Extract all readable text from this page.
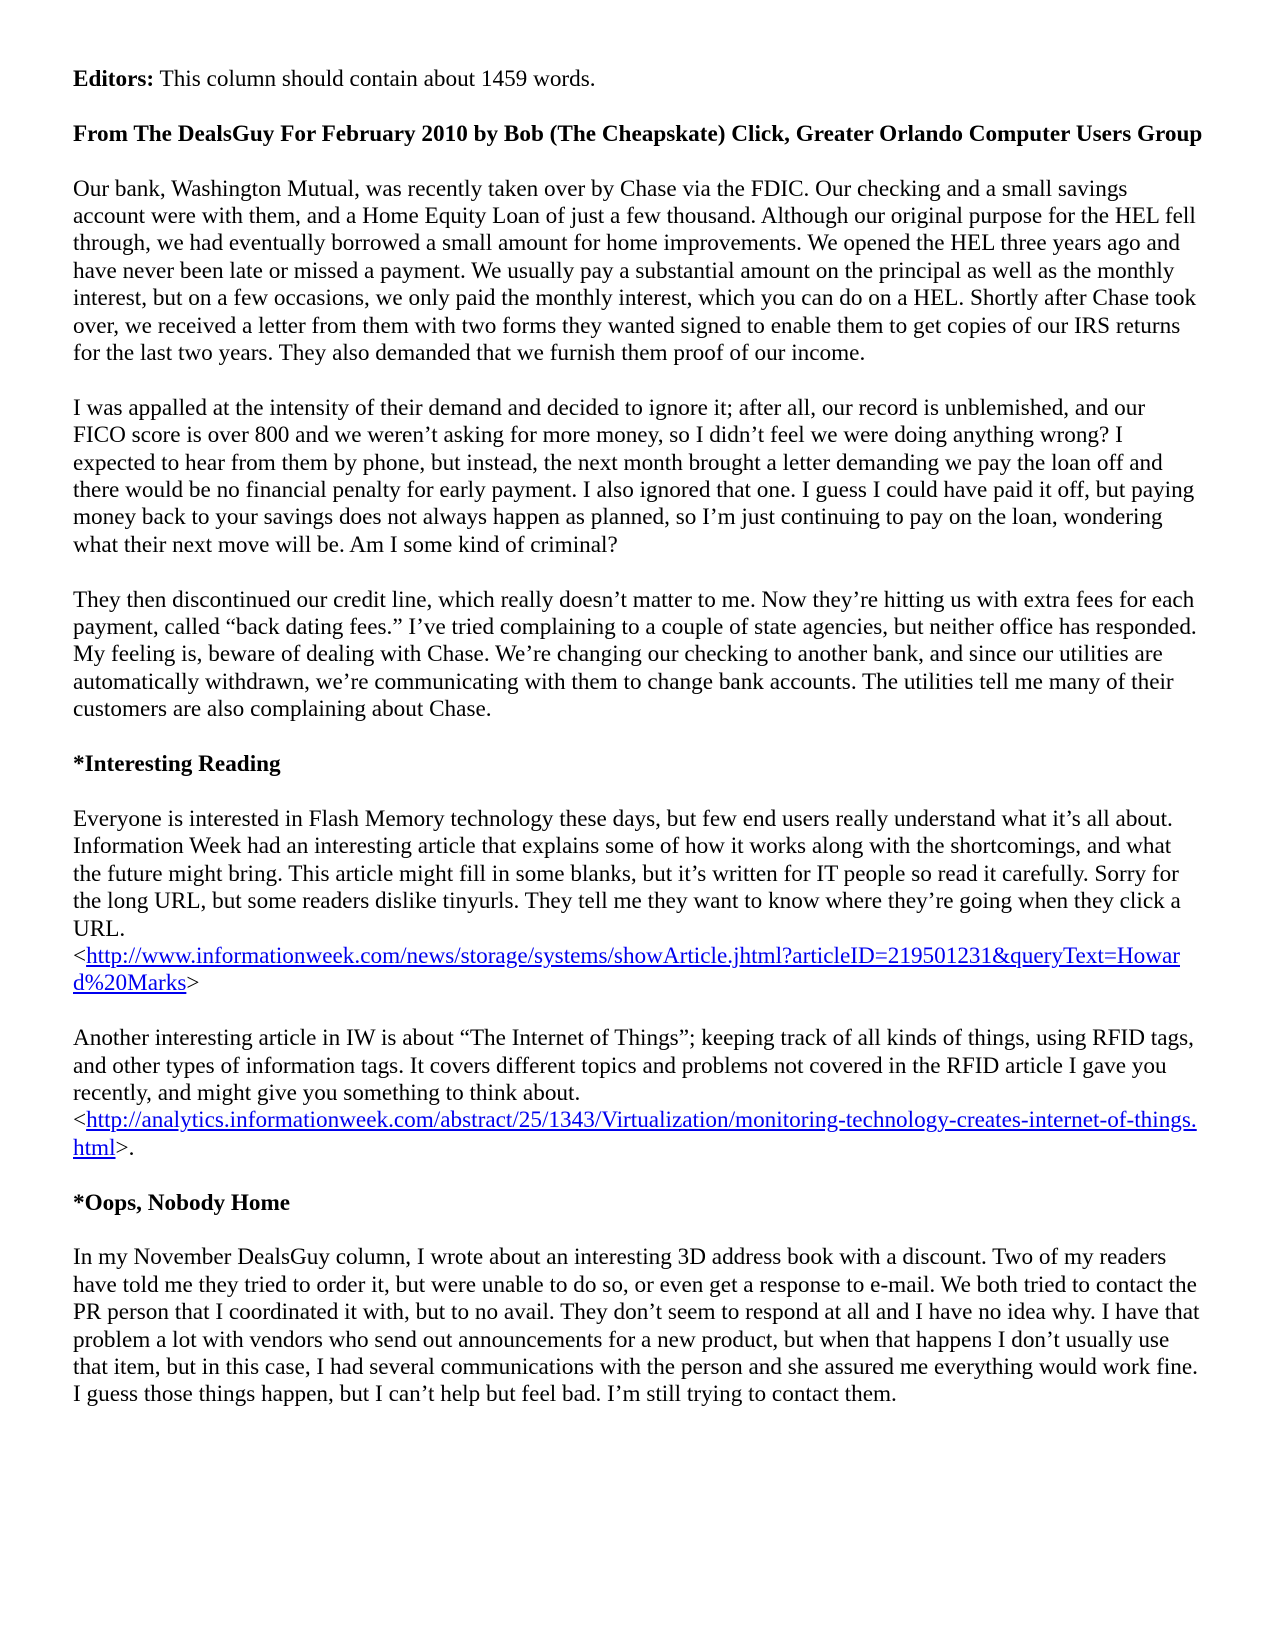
Editors: This column should contain about 1459 words.

From The DealsGuy For February 2010 by Bob (The Cheapskate) Click, Greater Orlando Computer Users Group

Our bank, Washington Mutual, was recently taken over by Chase via the FDIC. Our checking and a small savings account were with them, and a Home Equity Loan of just a few thousand. Although our original purpose for the HEL fell through, we had eventually borrowed a small amount for home improvements. We opened the HEL three years ago and have never been late or missed a payment. We usually pay a substantial amount on the principal as well as the monthly interest, but on a few occasions, we only paid the monthly interest, which you can do on a HEL. Shortly after Chase took over, we received a letter from them with two forms they wanted signed to enable them to get copies of our IRS returns for the last two years. They also demanded that we furnish them proof of our income.

I was appalled at the intensity of their demand and decided to ignore it; after all, our record is unblemished, and our FICO score is over 800 and we weren’t asking for more money, so I didn’t feel we were doing anything wrong? I expected to hear from them by phone, but instead, the next month brought a letter demanding we pay the loan off and there would be no financial penalty for early payment. I also ignored that one. I guess I could have paid it off, but paying money back to your savings does not always happen as planned, so I’m just continuing to pay on the loan, wondering what their next move will be. Am I some kind of criminal?

They then discontinued our credit line, which really doesn’t matter to me. Now they’re hitting us with extra fees for each payment, called “back dating fees.” I’ve tried complaining to a couple of state agencies, but neither office has responded. My feeling is, beware of dealing with Chase. We’re changing our checking to another bank, and since our utilities are automatically withdrawn, we’re communicating with them to change bank accounts. The utilities tell me many of their customers are also complaining about Chase.

*Interesting Reading

Everyone is interested in Flash Memory technology these days, but few end users really understand what it’s all about. Information Week had an interesting article that explains some of how it works along with the shortcomings, and what the future might bring. This article might fill in some blanks, but it’s written for IT people so read it carefully. Sorry for the long URL, but some readers dislike tinyurls. They tell me they want to know where they’re going when they click a URL.
<http://www.informationweek.com/news/storage/systems/showArticle.jhtml?articleID=219501231&queryText=Howard%20Marks>

Another interesting article in IW is about “The Internet of Things”; keeping track of all kinds of things, using RFID tags, and other types of information tags. It covers different topics and problems not covered in the RFID article I gave you recently, and might give you something to think about.
<http://analytics.informationweek.com/abstract/25/1343/Virtualization/monitoring-technology-creates-internet-of-things.html>.

*Oops, Nobody Home

In my November DealsGuy column, I wrote about an interesting 3D address book with a discount. Two of my readers have told me they tried to order it, but were unable to do so, or even get a response to e-mail. We both tried to contact the PR person that I coordinated it with, but to no avail. They don’t seem to respond at all and I have no idea why. I have that problem a lot with vendors who send out announcements for a new product, but when that happens I don’t usually use that item, but in this case, I had several communications with the person and she assured me everything would work fine. I guess those things happen, but I can’t help but feel bad. I’m still trying to contact them.
